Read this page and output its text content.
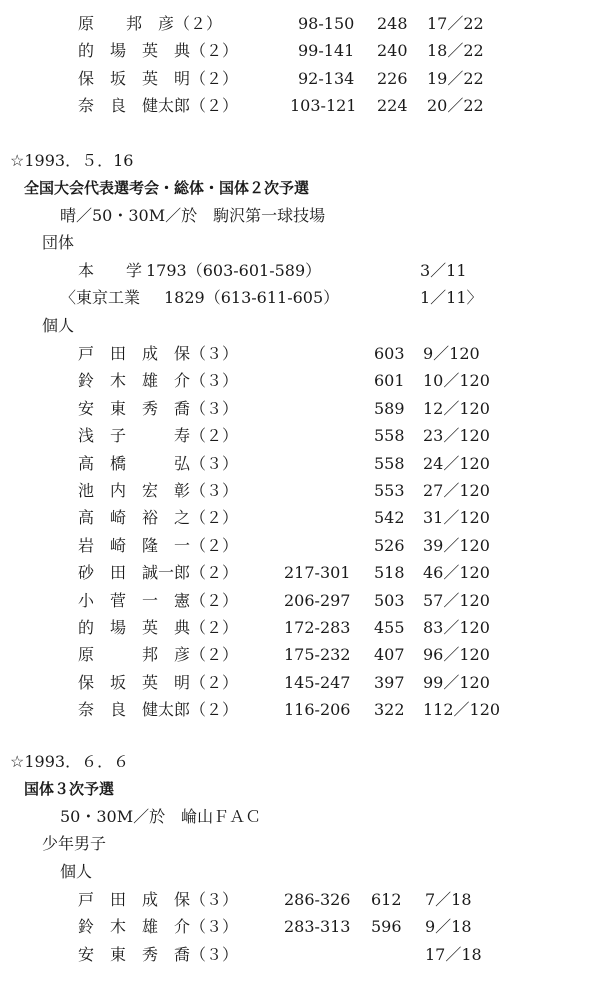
原　　邦　彦（２）	98-150 248 17／22
的　場　英　典（２）	99-141 240 18／22
保　坂　英　明（２）	92-134 226 19／22
奈　良　健太郎（２）	103-121 224 20／22
☆1993．５．16
全国大会代表選考会・総体・国体２次予選
晴／50・30M／於　駒沢第一球技場
団体
本　　学 1793（603-601-589）	3／11
〈東京工業 1829（613-611-605）	1／11〉
個人
戸　田　成　保（３）	603 9／120
鈴　木　雄　介（３）	601 10／120
安　東　秀　喬（３）	589 12／120
浅　子　　　寿（２）	558 23／120
高　橋　　　弘（３）	558 24／120
池　内　宏　彰（３）	553 27／120
高　崎　裕　之（２）	542 31／120
岩　崎　隆　一（２）	526 39／120
砂　田　誠一郎（２）	217-301 518 46／120
小　菅　一　憲（２）	206-297 503 57／120
的　場　英　典（２）	172-283 455 83／120
原　　　邦　彦（２）	175-232 407 96／120
保　坂　英　明（２）	145-247 397 99／120
奈　良　健太郎（２）	116-206 322 112／120
☆1993．６．６
国体３次予選
50・30M／於　崘山ＦＡＣ
少年男子
個人
戸　田　成　保（３）	286-326 612 7／18
鈴　木　雄　介（３）	283-313 596 9／18
安　東　秀　喬（３）	17／18
